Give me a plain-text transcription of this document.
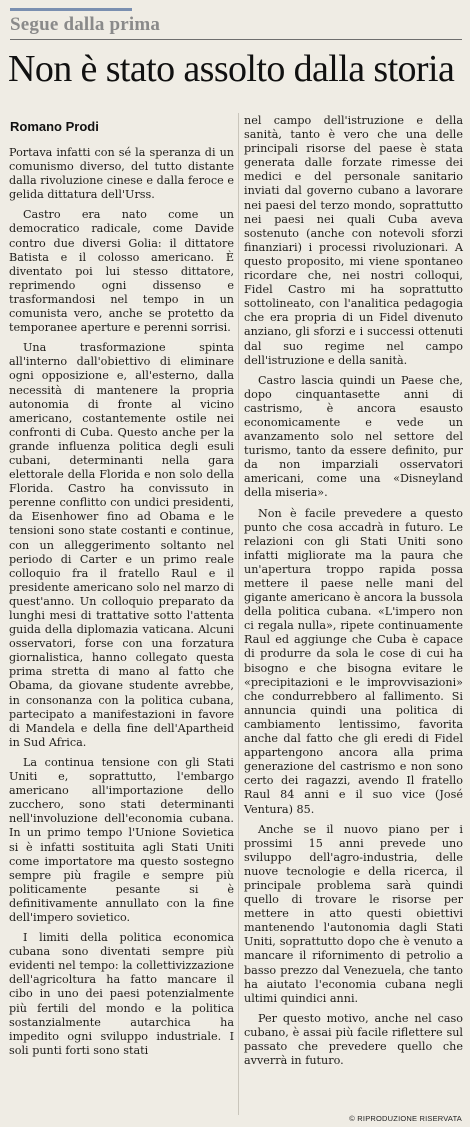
Segue dalla prima
Non è stato assolto dalla storia
Romano Prodi

Portava infatti con sé la speranza di un comunismo diverso, del tutto distante dalla rivoluzione cinese e dalla feroce e gelida dittatura dell'Urss.

Castro era nato come un democratico radicale, come Davide contro due diversi Golia: il dittatore Batista e il colosso americano. È diventato poi lui stesso dittatore, reprimendo ogni dissenso e trasformandosi nel tempo in un comunista vero, anche se protetto da temporanee aperture e perenni sorrisi.

Una trasformazione spinta all'interno dall'obiettivo di eliminare ogni opposizione e, all'esterno, dalla necessità di mantenere la propria autonomia di fronte al vicino americano, costantemente ostile nei confronti di Cuba. Questo anche per la grande influenza politica degli esuli cubani, determinanti nella gara elettorale della Florida e non solo della Florida. Castro ha convissuto in perenne conflitto con undici presidenti, da Eisenhower fino ad Obama e le tensioni sono state costanti e continue, con un alleggerimento soltanto nel periodo di Carter e un primo reale colloquio fra il fratello Raul e il presidente americano solo nel marzo di quest'anno. Un colloquio preparato da lunghi mesi di trattative sotto l'attenta guida della diplomazia vaticana. Alcuni osservatori, forse con una forzatura giornalistica, hanno collegato questa prima stretta di mano al fatto che Obama, da giovane studente avrebbe, in consonanza con la politica cubana, partecipato a manifestazioni in favore di Mandela e della fine dell'Apartheid in Sud Africa.

La continua tensione con gli Stati Uniti e, soprattutto, l'embargo americano all'importazione dello zucchero, sono stati determinanti nell'involuzione dell'economia cubana. In un primo tempo l'Unione Sovietica si è infatti sostituita agli Stati Uniti come importatore ma questo sostegno sempre più fragile e sempre più politicamente pesante si è definitivamente annullato con la fine dell'impero sovietico.

I limiti della politica economica cubana sono diventati sempre più evidenti nel tempo: la collettivizzazione dell'agricoltura ha fatto mancare il cibo in uno dei paesi potenzialmente più fertili del mondo e la politica sostanzialmente autarchica ha impedito ogni sviluppo industriale. I soli punti forti sono stati

nel campo dell'istruzione e della sanità, tanto è vero che una delle principali risorse del paese è stata generata dalle forzate rimesse dei medici e del personale sanitario inviati dal governo cubano a lavorare nei paesi del terzo mondo, soprattutto nei paesi nei quali Cuba aveva sostenuto (anche con notevoli sforzi finanziari) i processi rivoluzionari. A questo proposito, mi viene spontaneo ricordare che, nei nostri colloqui, Fidel Castro mi ha soprattutto sottolineato, con l'analitica pedagogia che era propria di un Fidel divenuto anziano, gli sforzi e i successi ottenuti dal suo regime nel campo dell'istruzione e della sanità.

Castro lascia quindi un Paese che, dopo cinquantasette anni di castrismo, è ancora esausto economicamente e vede un avanzamento solo nel settore del turismo, tanto da essere definito, pur da non imparziali osservatori americani, come una «Disneyland della miseria».

Non è facile prevedere a questo punto che cosa accadrà in futuro. Le relazioni con gli Stati Uniti sono infatti migliorate ma la paura che un'apertura troppo rapida possa mettere il paese nelle mani del gigante americano è ancora la bussola della politica cubana. «L'impero non ci regala nulla», ripete continuamente Raul ed aggiunge che Cuba è capace di produrre da sola le cose di cui ha bisogno e che bisogna evitare le «precipitazioni e le improvvisazioni» che condurrebbero al fallimento. Si annuncia quindi una politica di cambiamento lentissimo, favorita anche dal fatto che gli eredi di Fidel appartengono ancora alla prima generazione del castrismo e non sono certo dei ragazzi, avendo Il fratello Raul 84 anni e il suo vice (José Ventura) 85.

Anche se il nuovo piano per i prossimi 15 anni prevede uno sviluppo dell'agro-industria, delle nuove tecnologie e della ricerca, il principale problema sarà quindi quello di trovare le risorse per mettere in atto questi obiettivi mantenendo l'autonomia dagli Stati Uniti, soprattutto dopo che è venuto a mancare il rifornimento di petrolio a basso prezzo dal Venezuela, che tanto ha aiutato l'economia cubana negli ultimi quindici anni.

Per questo motivo, anche nel caso cubano, è assai più facile riflettere sul passato che prevedere quello che avverrà in futuro.

© RIPRODUZIONE RISERVATA
